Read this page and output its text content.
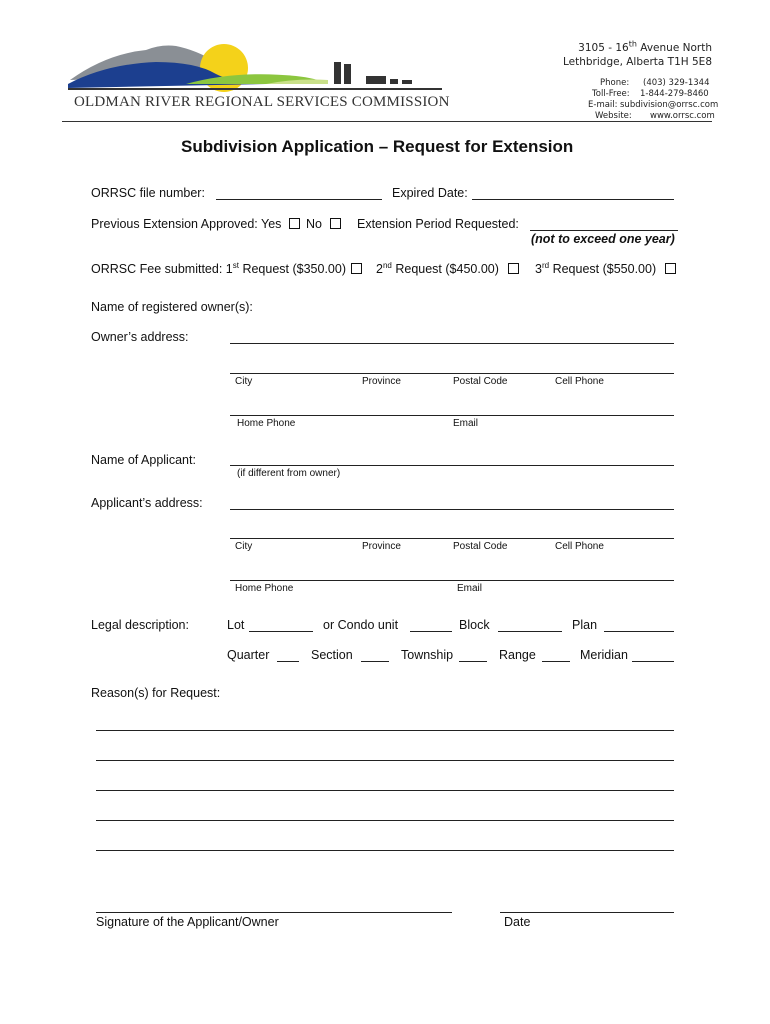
OLDMAN RIVER REGIONAL SERVICES COMMISSION
3105 - 16th Avenue North
Lethbridge, Alberta T1H 5E8
Phone: (403) 329-1344
Toll-Free: 1-844-279-8460
E-mail: subdivision@orrsc.com
Website: www.orrsc.com
Subdivision Application – Request for Extension
ORRSC file number:	Expired Date:
Previous Extension Approved: Yes No	Extension Period Requested:
(not to exceed one year)
ORRSC Fee submitted: 1st Request ($350.00) 2nd Request ($450.00)	3rd Request ($550.00)
Name of registered owner(s):
Owner’s address:
City	Province	Postal Code	Cell Phone
Home Phone	Email
Name of Applicant:
(if different from owner)
Applicant’s address:
City	Province	Postal Code	Cell Phone
Home Phone	Email
Legal description:	Lot	or Condo unit	Block	Plan
Quarter	Section	Township	Range	Meridian
Reason(s) for Request:
Signature of the Applicant/Owner	Date
